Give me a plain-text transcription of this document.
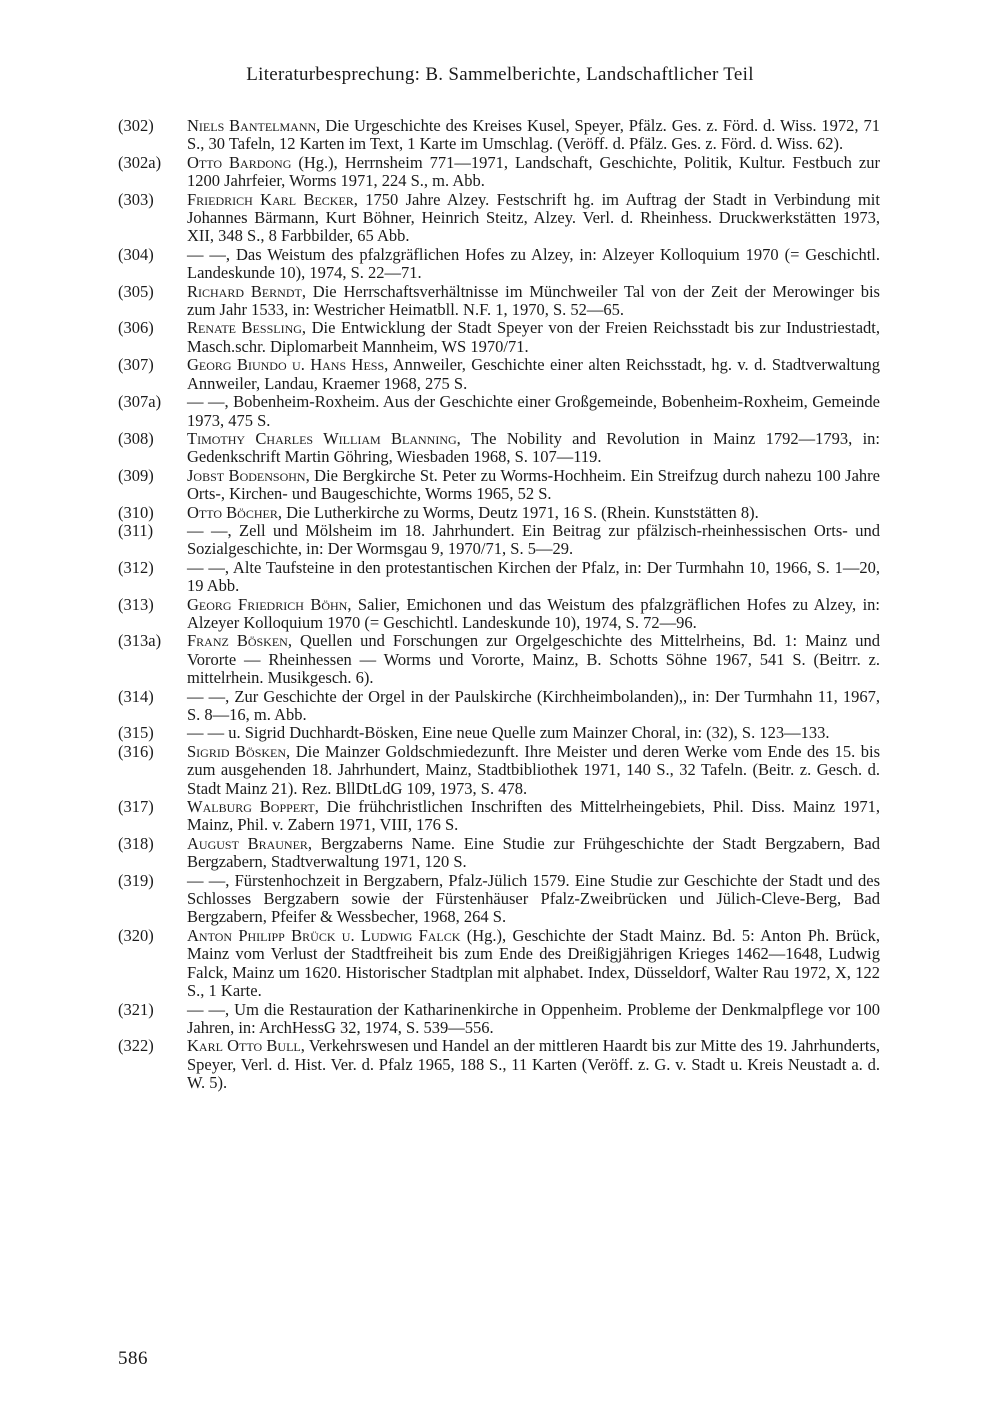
Literaturbesprechung: B. Sammelberichte, Landschaftlicher Teil
(302) Niels Bantelmann, Die Urgeschichte des Kreises Kusel, Speyer, Pfälz. Ges. z. Förd. d. Wiss. 1972, 71 S., 30 Tafeln, 12 Karten im Text, 1 Karte im Umschlag. (Veröff. d. Pfälz. Ges. z. Förd. d. Wiss. 62).
(302a) Otto Bardong (Hg.), Herrnsheim 771—1971, Landschaft, Geschichte, Politik, Kultur. Festbuch zur 1200 Jahrfeier, Worms 1971, 224 S., m. Abb.
(303) Friedrich Karl Becker, 1750 Jahre Alzey. Festschrift hg. im Auftrag der Stadt in Verbindung mit Johannes Bärmann, Kurt Böhner, Heinrich Steitz, Alzey. Verl. d. Rheinhess. Druckwerkstätten 1973, XII, 348 S., 8 Farbbilder, 65 Abb.
(304) — —, Das Weistum des pfalzgräflichen Hofes zu Alzey, in: Alzeyer Kolloquium 1970 (= Geschichtl. Landeskunde 10), 1974, S. 22—71.
(305) Richard Berndt, Die Herrschaftsverhältnisse im Münchweiler Tal von der Zeit der Merowinger bis zum Jahr 1533, in: Westricher Heimatbll. N.F. 1, 1970, S. 52—65.
(306) Renate Bessling, Die Entwicklung der Stadt Speyer von der Freien Reichsstadt bis zur Industriestadt, Masch.schr. Diplomarbeit Mannheim, WS 1970/71.
(307) Georg Biundo u. Hans Hess, Annweiler, Geschichte einer alten Reichsstadt, hg. v. d. Stadtverwaltung Annweiler, Landau, Kraemer 1968, 275 S.
(307a) — —, Bobenheim-Roxheim. Aus der Geschichte einer Großgemeinde, Bobenheim-Roxheim, Gemeinde 1973, 475 S.
(308) Timothy Charles William Blanning, The Nobility and Revolution in Mainz 1792—1793, in: Gedenkschrift Martin Göhring, Wiesbaden 1968, S. 107—119.
(309) Jobst Bodensohn, Die Bergkirche St. Peter zu Worms-Hochheim. Ein Streifzug durch nahezu 100 Jahre Orts-, Kirchen- und Baugeschichte, Worms 1965, 52 S.
(310) Otto Böcher, Die Lutherkirche zu Worms, Deutz 1971, 16 S. (Rhein. Kunststätten 8).
(311) — —, Zell und Mölsheim im 18. Jahrhundert. Ein Beitrag zur pfälzisch-rheinhessischen Orts- und Sozialgeschichte, in: Der Wormsgau 9, 1970/71, S. 5—29.
(312) — —, Alte Taufsteine in den protestantischen Kirchen der Pfalz, in: Der Turmhahn 10, 1966, S. 1—20, 19 Abb.
(313) Georg Friedrich Böhn, Salier, Emichonen und das Weistum des pfalzgräflichen Hofes zu Alzey, in: Alzeyer Kolloquium 1970 (= Geschichtl. Landeskunde 10), 1974, S. 72—96.
(313a) Franz Bösken, Quellen und Forschungen zur Orgelgeschichte des Mittelrheins, Bd. 1: Mainz und Vororte — Rheinhessen — Worms und Vororte, Mainz, B. Schotts Söhne 1967, 541 S. (Beitrr. z. mittelrhein. Musikgesch. 6).
(314) — —, Zur Geschichte der Orgel in der Paulskirche (Kirchheimbolanden),, in: Der Turmhahn 11, 1967, S. 8—16, m. Abb.
(315) — — u. Sigrid Duchhardt-Bösken, Eine neue Quelle zum Mainzer Choral, in: (32), S. 123—133.
(316) Sigrid Bösken, Die Mainzer Goldschmiedezunft. Ihre Meister und deren Werke vom Ende des 15. bis zum ausgehenden 18. Jahrhundert, Mainz, Stadtbibliothek 1971, 140 S., 32 Tafeln. (Beitr. z. Gesch. d. Stadt Mainz 21). Rez. BllDtLdG 109, 1973, S. 478.
(317) Walburg Boppert, Die frühchristlichen Inschriften des Mittelrheingebiets, Phil. Diss. Mainz 1971, Mainz, Phil. v. Zabern 1971, VIII, 176 S.
(318) August Brauner, Bergzaberns Name. Eine Studie zur Frühgeschichte der Stadt Bergzabern, Bad Bergzabern, Stadtverwaltung 1971, 120 S.
(319) — —, Fürstenhochzeit in Bergzabern, Pfalz-Jülich 1579. Eine Studie zur Geschichte der Stadt und des Schlosses Bergzabern sowie der Fürstenhäuser Pfalz-Zweibrücken und Jülich-Cleve-Berg, Bad Bergzabern, Pfeifer & Wessbecher, 1968, 264 S.
(320) Anton Philipp Brück u. Ludwig Falck (Hg.), Geschichte der Stadt Mainz. Bd. 5: Anton Ph. Brück, Mainz vom Verlust der Stadtfreiheit bis zum Ende des Dreißigjährigen Krieges 1462—1648, Ludwig Falck, Mainz um 1620. Historischer Stadtplan mit alphabet. Index, Düsseldorf, Walter Rau 1972, X, 122 S., 1 Karte.
(321) — —, Um die Restauration der Katharinenkirche in Oppenheim. Probleme der Denkmalpflege vor 100 Jahren, in: ArchHessG 32, 1974, S. 539—556.
(322) Karl Otto Bull, Verkehrswesen und Handel an der mittleren Haardt bis zur Mitte des 19. Jahrhunderts, Speyer, Verl. d. Hist. Ver. d. Pfalz 1965, 188 S., 11 Karten (Veröff. z. G. v. Stadt u. Kreis Neustadt a. d. W. 5).
586
